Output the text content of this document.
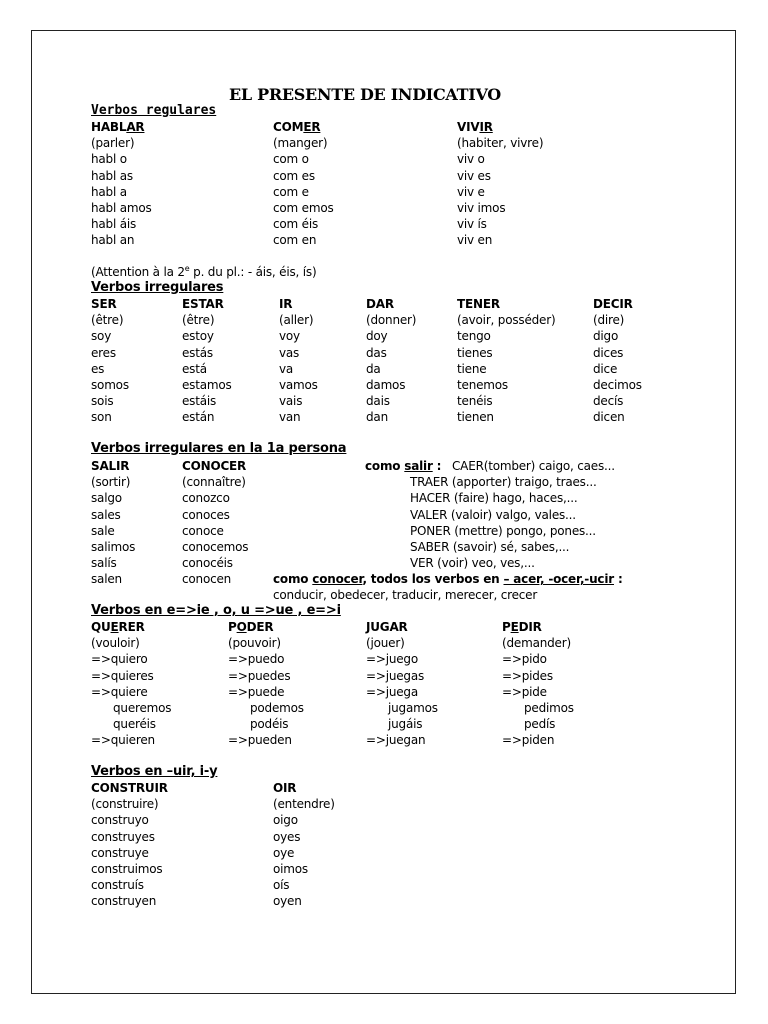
EL PRESENTE DE INDICATIVO
Verbos regulares
HABLAR
(parler)
habl o
habl as
habl a
habl amos
habl áis
habl an
COMER
(manger)
com o
com es
com e
com emos
com éis
com en
VIVIR
(habiter, vivre)
viv o
viv es
viv e
viv imos
viv ís
viv en
(Attention à la 2e p. du pl.: - áis, éis, ís)
Verbos irregulares
SER
(être)
soy
eres
es
somos
sois
son
ESTAR
(être)
estoy
estás
está
estamos
estáis
están
IR
(aller)
voy
vas
va
vamos
vais
van
DAR
(donner)
doy
das
da
damos
dais
dan
TENER
(avoir, posséder)
tengo
tienes
tiene
tenemos
tenéis
tienen
DECIR
(dire)
digo
dices
dice
decimos
decís
dicen
Verbos irregulares en la 1a persona
SALIR
(sortir)
salgo
sales
sale
salimos
salís
salen
CONOCER
(connaître)
conozco
conoces
conoce
conocemos
conocéis
conocen
como salir : CAER(tomber) caigo, caes...
TRAER (apporter) traigo, traes...
HACER (faire) hago, haces,...
VALER (valoir) valgo, vales...
PONER (mettre) pongo, pones...
SABER (savoir) sé, sabes,...
VER (voir) veo, ves,...
como conocer, todos los verbos en – acer, -ocer,-ucir :
conducir, obedecer, traducir, merecer, crecer
Verbos en e=>ie , o, u =>ue , e=>i
QUERER
(vouloir)
=>quiero
=>quieres
=>quiere
queremos
queréis
=>quieren
PODER
(pouvoir)
=>puedo
=>puedes
=>puede
podemos
podéis
=>pueden
JUGAR
(jouer)
=>juego
=>juegas
=>juega
jugamos
jugáis
=>juegan
PEDIR
(demander)
=>pido
=>pides
=>pide
pedimos
pedís
=>piden
Verbos en –uir, i-y
CONSTRUIR
(construire)
construyo
construyes
construye
construimos
construís
construyen
OIR
(entendre)
oigo
oyes
oye
oimos
oís
oyen
